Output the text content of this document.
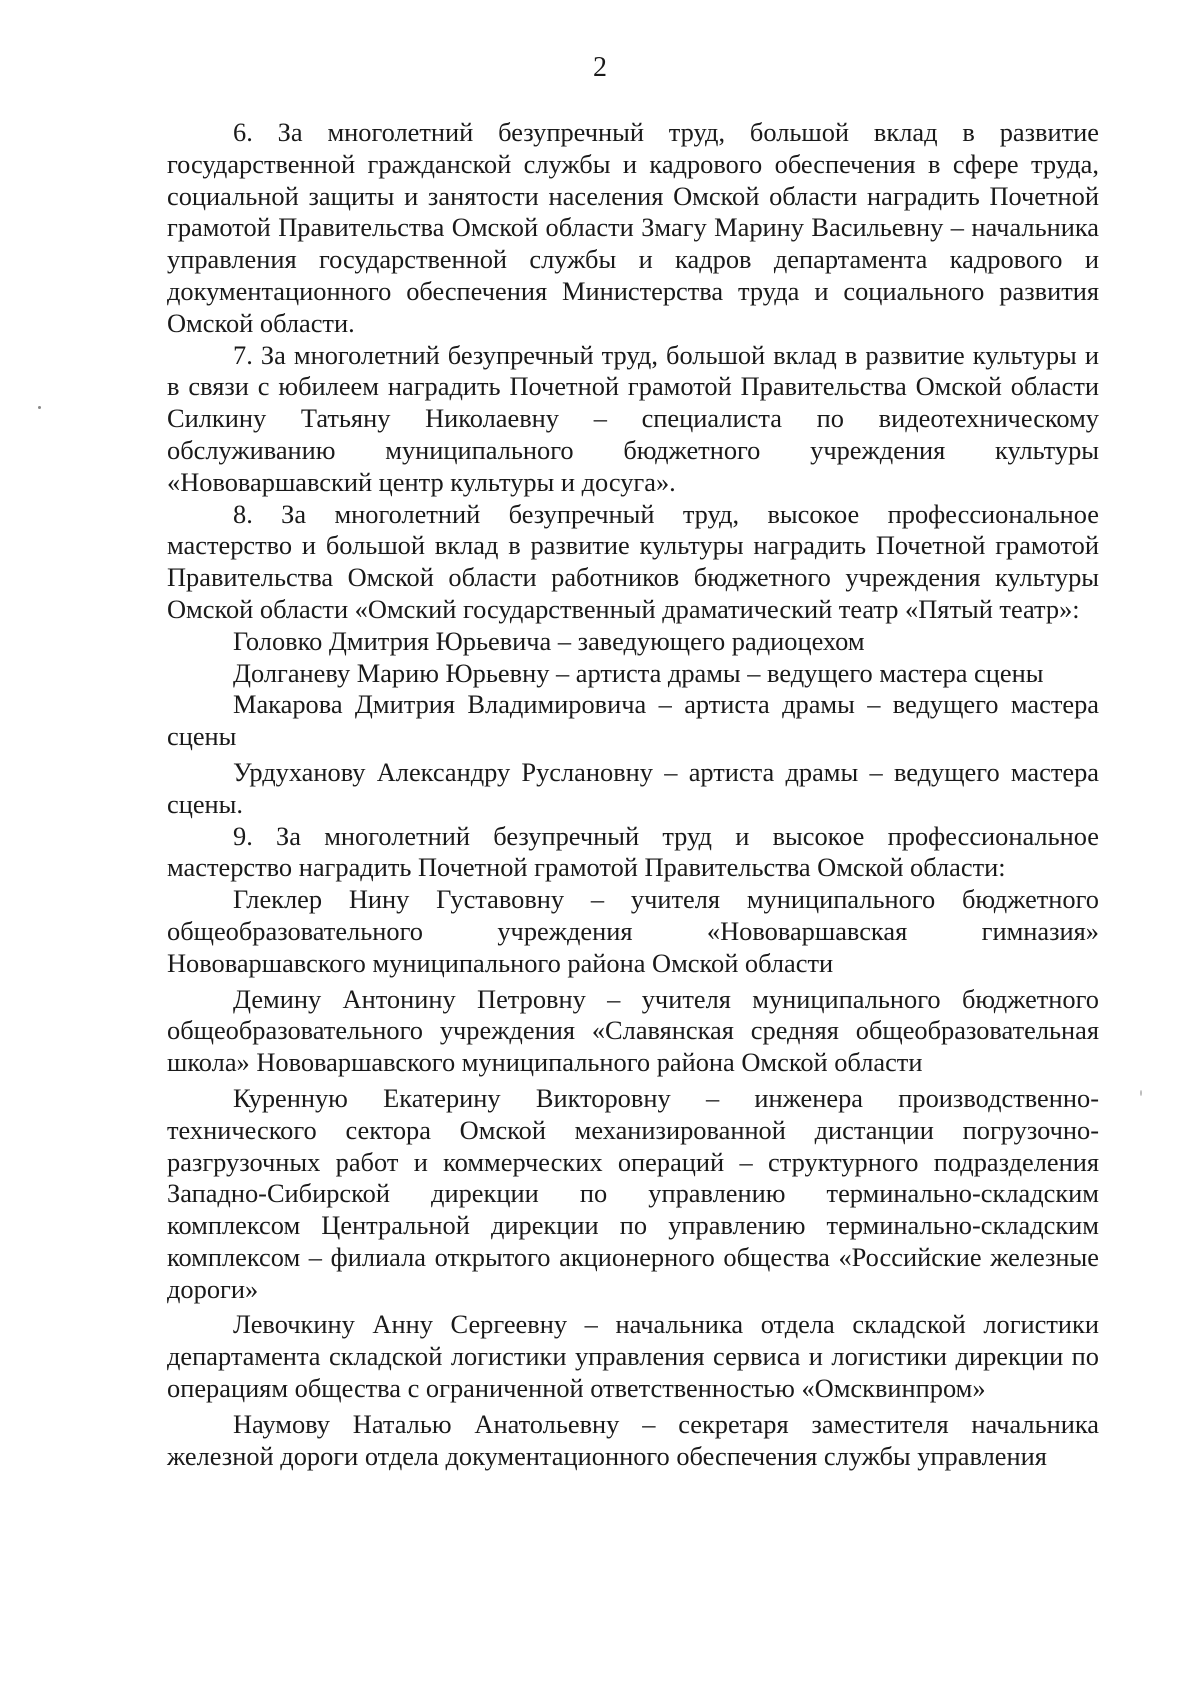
2

6. За многолетний безупречный труд, большой вклад в развитие государственной гражданской службы и кадрового обеспечения в сфере труда, социальной защиты и занятости населения Омской области наградить Почетной грамотой Правительства Омской области Змагу Марину Васильевну – начальника управления государственной службы и кадров департамента кадрового и документационного обеспечения Министерства труда и социального развития Омской области.

7. За многолетний безупречный труд, большой вклад в развитие культуры и в связи с юбилеем наградить Почетной грамотой Правительства Омской области Силкину Татьяну Николаевну – специалиста по видеотехническому обслуживанию муниципального бюджетного учреждения культуры «Нововаршавский центр культуры и досуга».

8. За многолетний безупречный труд, высокое профессиональное мастерство и большой вклад в развитие культуры наградить Почетной грамотой Правительства Омской области работников бюджетного учреждения культуры Омской области «Омский государственный драматический театр «Пятый театр»:

Головко Дмитрия Юрьевича – заведующего радиоцехом

Долганеву Марию Юрьевну – артиста драмы – ведущего мастера сцены

Макарова Дмитрия Владимировича – артиста драмы – ведущего мастера сцены

Урдуханову Александру Руслановну – артиста драмы – ведущего мастера сцены.

9. За многолетний безупречный труд и высокое профессиональное мастерство наградить Почетной грамотой Правительства Омской области:

Глеклер Нину Густавовну – учителя муниципального бюджетного общеобразовательного учреждения «Нововаршавская гимназия» Нововаршавского муниципального района Омской области

Демину Антонину Петровну – учителя муниципального бюджетного общеобразовательного учреждения «Славянская средняя общеобразовательная школа» Нововаршавского муниципального района Омской области

Куренную Екатерину Викторовну – инженера производственно-технического сектора Омской механизированной дистанции погрузочно-разгрузочных работ и коммерческих операций – структурного подразделения Западно-Сибирской дирекции по управлению терминально-складским комплексом Центральной дирекции по управлению терминально-складским комплексом – филиала открытого акционерного общества «Российские железные дороги»

Левочкину Анну Сергеевну – начальника отдела складской логистики департамента складской логистики управления сервиса и логистики дирекции по операциям общества с ограниченной ответственностью «Омсквинпром»

Наумову Наталью Анатольевну – секретаря заместителя начальника железной дороги отдела документационного обеспечения службы управления
